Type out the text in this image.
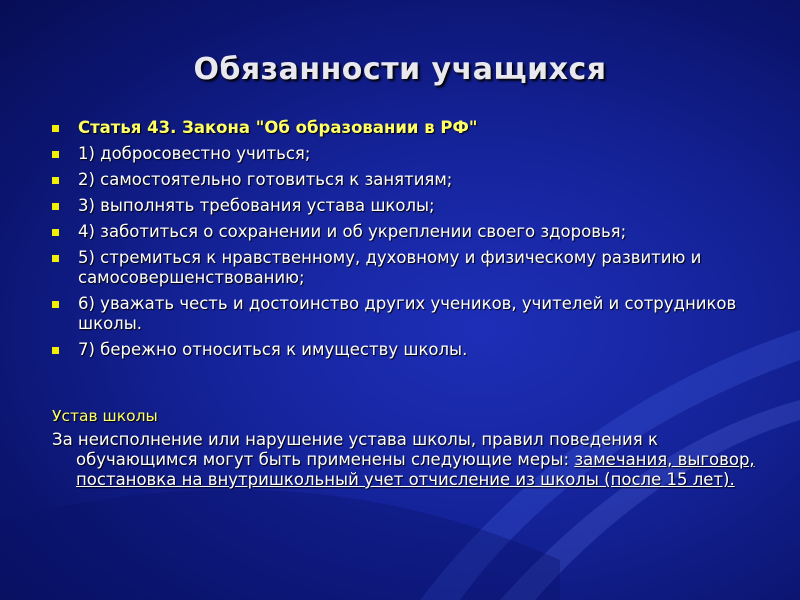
Обязанности учащихся
Статья 43. Закона "Об образовании в РФ"
1) добросовестно учиться;
2) самостоятельно готовиться к занятиям;
3) выполнять требования устава школы;
4) заботиться о сохранении и об укреплении своего здоровья;
5) стремиться к нравственному, духовному и физическому развитию и самосовершенствованию;
6) уважать честь и достоинство других учеников, учителей и сотрудников школы.
7) бережно относиться к имуществу школы.
Устав школы
За неисполнение или нарушение устава школы, правил поведения к обучающимся могут быть применены следующие меры: замечания, выговор, постановка на внутришкольный учет отчисление из школы (после 15 лет).
